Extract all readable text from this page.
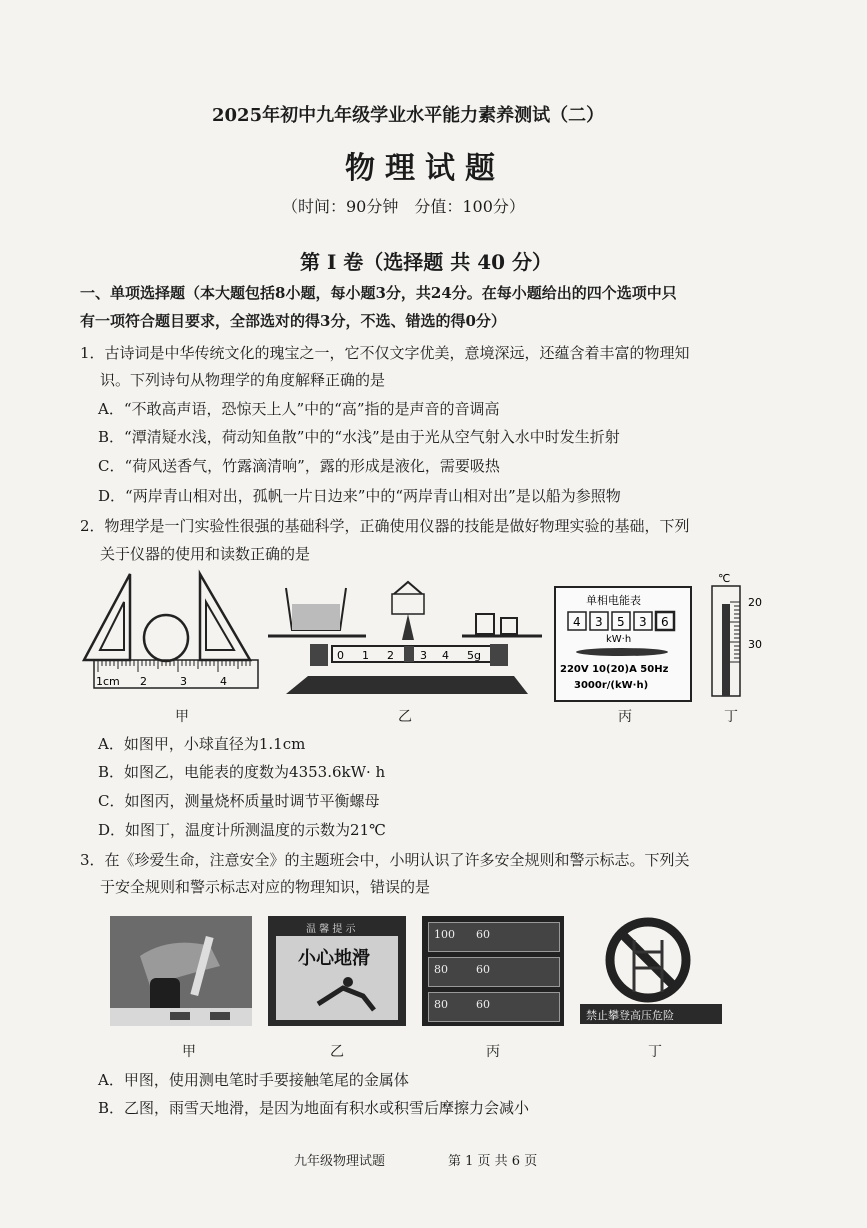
2025年初中九年级学业水平能力素养测试（二）
物理试题
（时间：90分钟　分值：100分）
第 Ⅰ 卷（选择题 共 40 分）
一、单项选择题（本大题包括8小题，每小题3分，共24分。在每小题给出的四个选项中只
有一项符合题目要求，全部选对的得3分，不选、错选的得0分）
1．古诗词是中华传统文化的瑰宝之一，它不仅文字优美，意境深远，还蕴含着丰富的物理知
识。下列诗句从物理学的角度解释正确的是
A．“不敢高声语，恐惊天上人”中的“高”指的是声音的音调高
B．“潭清疑水浅，荷动知鱼散”中的“水浅”是由于光从空气射入水中时发生折射
C．“荷风送香气，竹露滴清响”，露的形成是液化，需要吸热
D．“两岸青山相对出，孤帆一片日边来”中的“两岸青山相对出”是以船为参照物
2．物理学是一门实验性很强的基础科学，正确使用仪器的技能是做好物理实验的基础，下列
关于仪器的使用和读数正确的是
1cm 2	3	4
0 1 2 3 4 5g
单相电能表
4 3 5 3 6
kW·h
220V 10(20)A 50Hz
3000r/(kW·h)
℃
20
30
甲	乙	丙	丁
A．如图甲，小球直径为1.1cm
B．如图乙，电能表的度数为4353.6kW· h
C．如图丙，测量烧杯质量时调节平衡螺母
D．如图丁，温度计所测温度的示数为21℃
3．在《珍爱生命，注意安全》的主题班会中，小明认识了许多安全规则和警示标志。下列关
于安全规则和警示标志对应的物理知识，错误的是
温 馨 提 示
小心地滑
100 60
80	60
80	60
禁止攀登高压危险
甲	乙	丙	丁
A．甲图，使用测电笔时手要接触笔尾的金属体
B．乙图，雨雪天地滑，是因为地面有积水或积雪后摩擦力会减小
九年级物理试题	第 1 页 共 6 页
